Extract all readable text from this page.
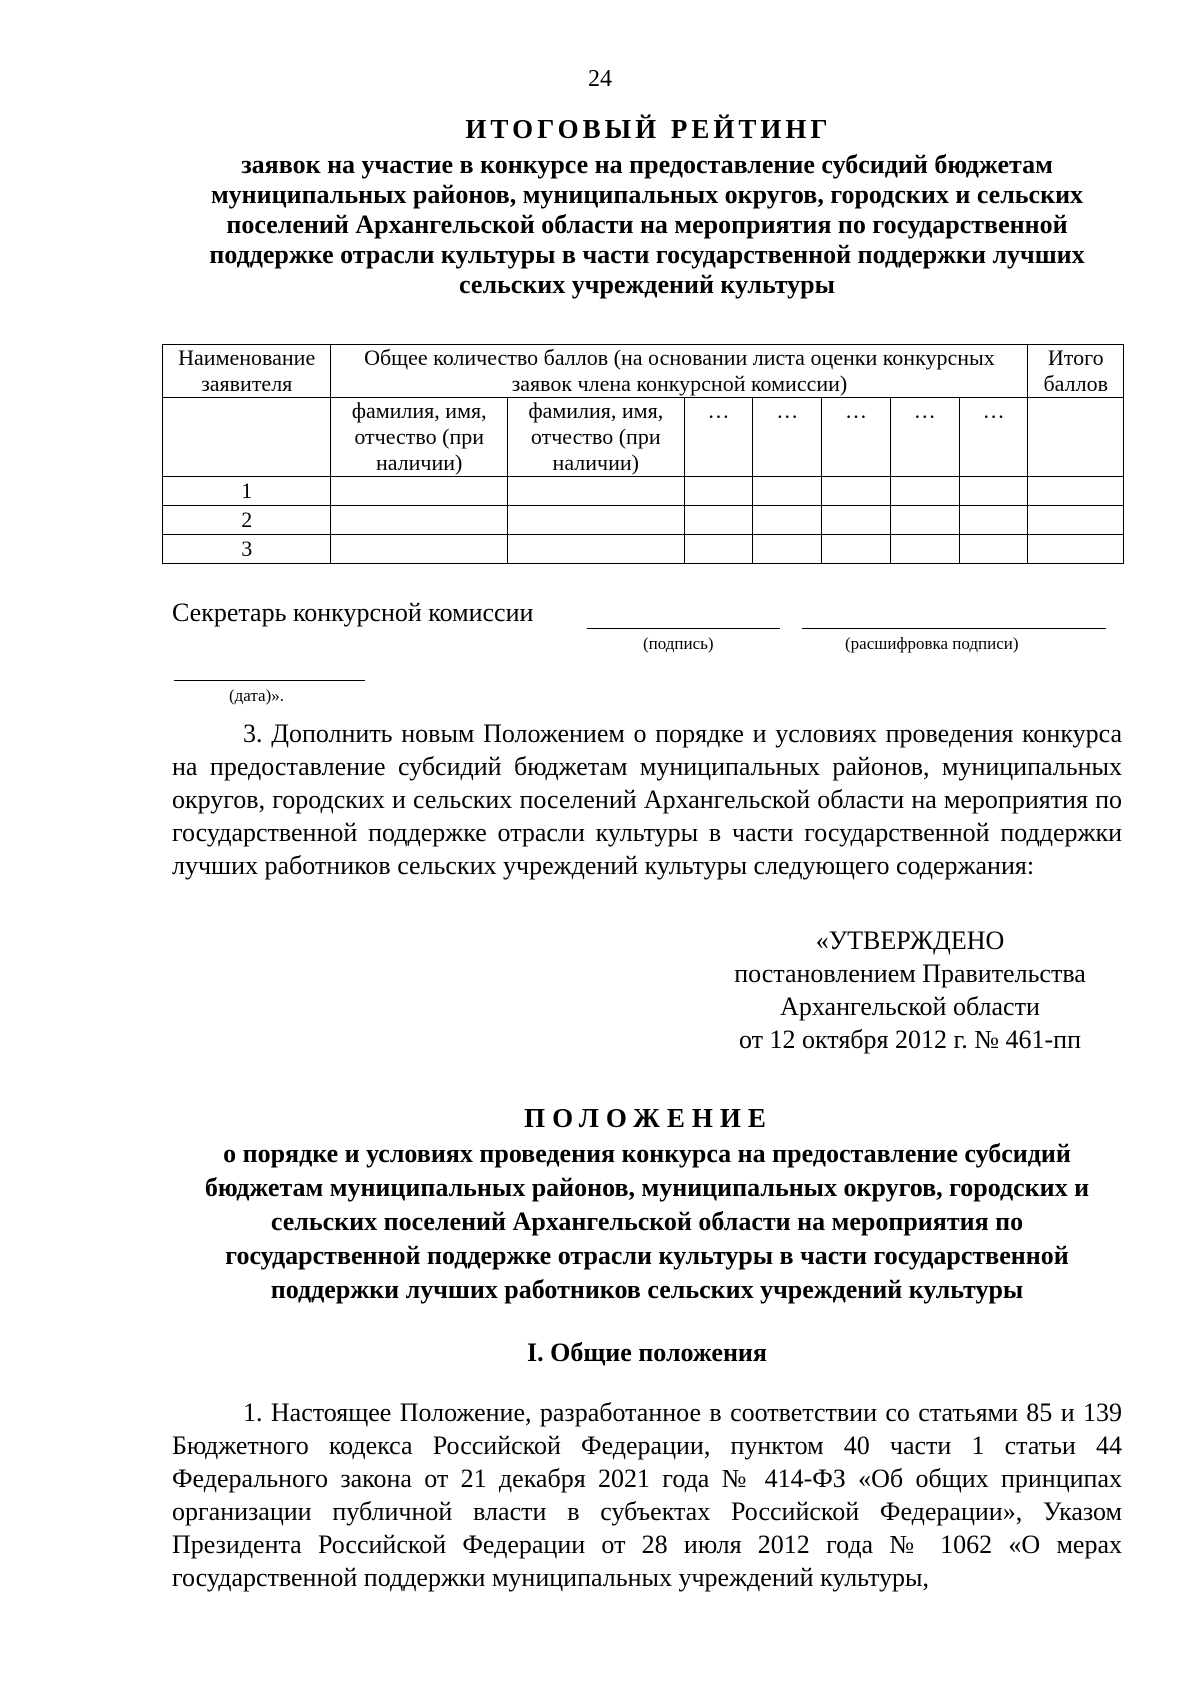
24
ИТОГОВЫЙ РЕЙТИНГ
заявок на участие в конкурсе на предоставление субсидий бюджетам муниципальных районов, муниципальных округов, городских и сельских поселений Архангельской области на мероприятия по государственной поддержке отрасли культуры в части государственной поддержки лучших сельских учреждений культуры
Наименование заявителя	Общее количество баллов (на основании листа оценки конкурсных заявок члена конкурсной комиссии)							Итого баллов
	фамилия, имя, отчество (при наличии)	фамилия, имя, отчество (при наличии)	…	…	…	…	…	
1								
2								
3								
Секретарь конкурсной комиссии
(подпись)	(расшифровка подписи)
(дата)».

3. Дополнить новым Положением о порядке и условиях проведения конкурса на предоставление субсидий бюджетам муниципальных районов, муниципальных округов, городских и сельских поселений Архангельской области на мероприятия по государственной поддержке отрасли культуры в части государственной поддержки лучших работников сельских учреждений культуры следующего содержания:

«УТВЕРЖДЕНО
постановлением Правительства
Архангельской области
от 12 октября 2012 г. № 461-пп
ПОЛОЖЕНИЕ
о порядке и условиях проведения конкурса на предоставление субсидий бюджетам муниципальных районов, муниципальных округов, городских и сельских поселений Архангельской области на мероприятия по государственной поддержке отрасли культуры в части государственной поддержки лучших работников сельских учреждений культуры
I. Общие положения

1. Настоящее Положение, разработанное в соответствии со статьями 85 и 139 Бюджетного кодекса Российской Федерации, пунктом 40 части 1 статьи 44 Федерального закона от 21 декабря 2021 года № 414-ФЗ «Об общих принципах организации публичной власти в субъектах Российской Федерации», Указом Президента Российской Федерации от 28 июля 2012 года № 1062 «О мерах государственной поддержки муниципальных учреждений культуры,
